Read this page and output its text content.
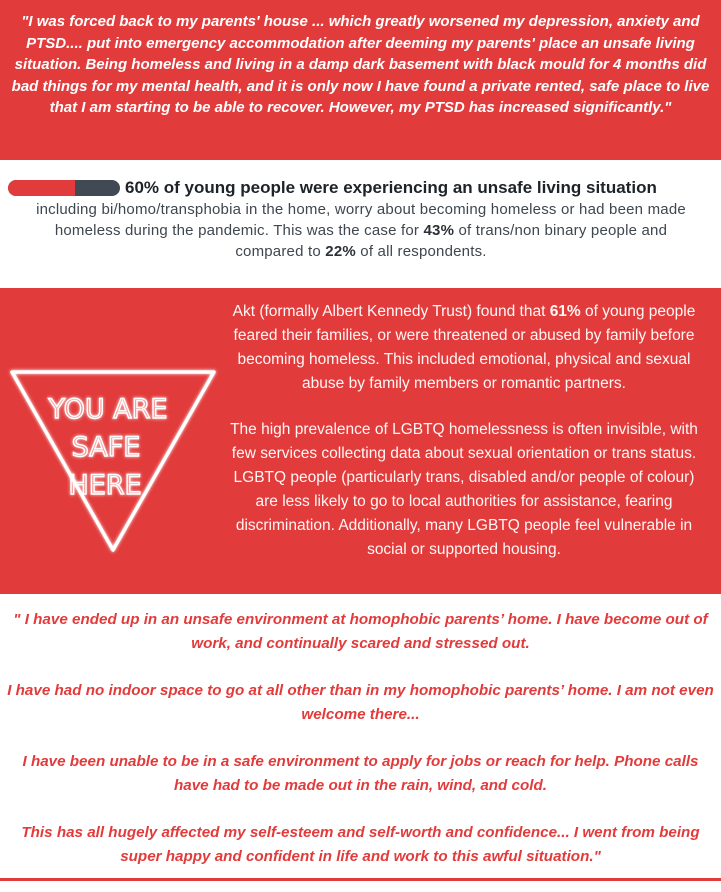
"I was forced back to my parents' house ... which greatly worsened my depression, anxiety and PTSD.... put into emergency accommodation after deeming my parents' place an unsafe living situation. Being homeless and living in a damp dark basement with black mould for 4 months did bad things for my mental health, and it is only now I have found a private rented, safe place to live that I am starting to be able to recover. However, my PTSD has increased significantly."

60% of young people were experiencing an unsafe living situation
including bi/homo/transphobia in the home, worry about becoming homeless or had been made homeless during the pandemic. This was the case for 43% of trans/non binary people and compared to 22% of all respondents.
YOU ARE
SAFE
HERE

Akt (formally Albert Kennedy Trust) found that 61% of young people feared their families, or were threatened or abused by family before becoming homeless. This included emotional, physical and sexual abuse by family members or romantic partners.

The high prevalence of LGBTQ homelessness is often invisible, with few services collecting data about sexual orientation or trans status. LGBTQ people (particularly trans, disabled and/or people of colour) are less likely to go to local authorities for assistance, fearing discrimination. Additionally, many LGBTQ people feel vulnerable in social or supported housing.

" I have ended up in an unsafe environment at homophobic parents’ home. I have become out of work, and continually scared and stressed out.

I have had no indoor space to go at all other than in my homophobic parents’ home. I am not even welcome there...

I have been unable to be in a safe environment to apply for jobs or reach for help. Phone calls have had to be made out in the rain, wind, and cold.

This has all hugely affected my self-esteem and self-worth and confidence... I went from being super happy and confident in life and work to this awful situation."
